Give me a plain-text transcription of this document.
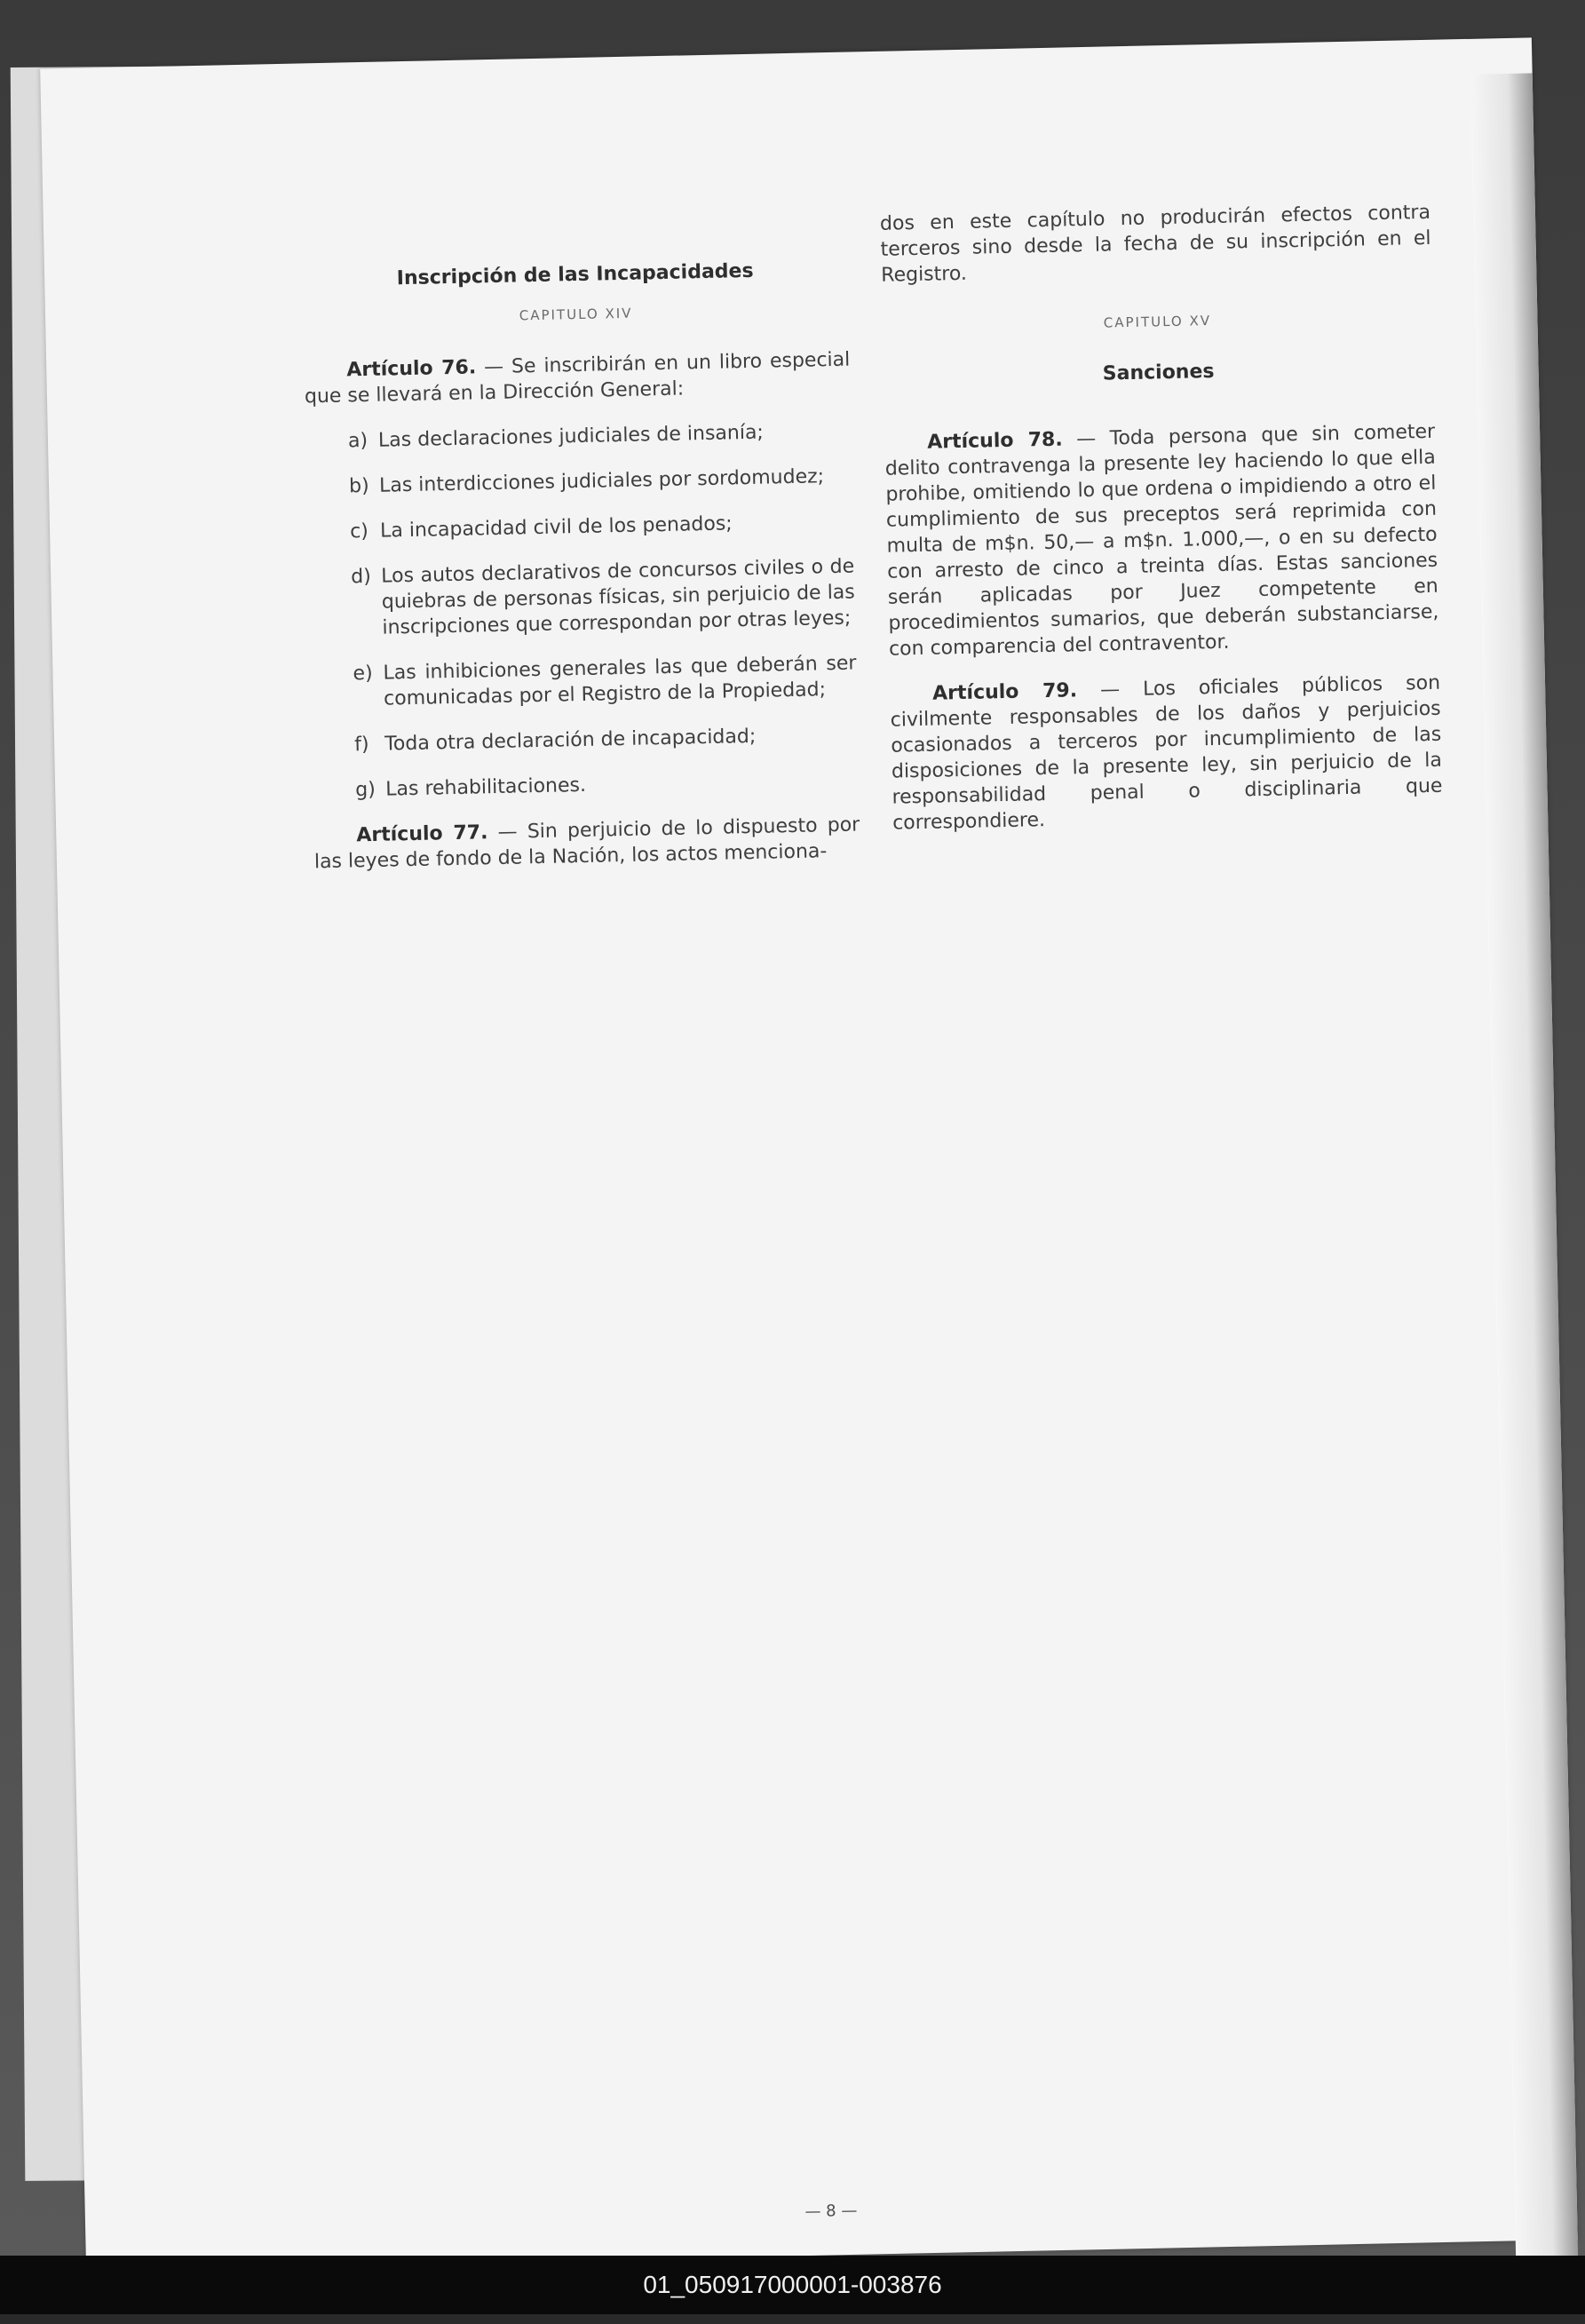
Inscripción de las Incapacidades
CAPITULO XIV

Artículo 76. — Se inscribirán en un libro especial que se llevará en la Dirección General:

a) Las declaraciones judiciales de insanía;
b) Las interdicciones judiciales por sordomudez;
c) La incapacidad civil de los penados;
d) Los autos declarativos de concursos civiles o de quiebras de personas físicas, sin perjuicio de las inscripciones que correspondan por otras leyes;
e) Las inhibiciones generales las que deberán ser comunicadas por el Registro de la Propiedad;
f) Toda otra declaración de incapacidad;
g) Las rehabilitaciones.

Artículo 77. — Sin perjuicio de lo dispuesto por las leyes de fondo de la Nación, los actos menciona-

dos en este capítulo no producirán efectos contra terceros sino desde la fecha de su inscripción en el Registro.

CAPITULO XV
Sanciones

Artículo 78. — Toda persona que sin cometer delito contravenga la presente ley haciendo lo que ella prohibe, omitiendo lo que ordena o impidiendo a otro el cumplimiento de sus preceptos será reprimida con multa de m$n. 50,— a m$n. 1.000,—, o en su defecto con arresto de cinco a treinta días. Estas sanciones serán aplicadas por Juez competente en procedimientos sumarios, que deberán substanciarse, con comparencia del contraventor.

Artículo 79. — Los oficiales públicos son civilmente responsables de los daños y perjuicios ocasionados a terceros por incumplimiento de las disposiciones de la presente ley, sin perjuicio de la responsabilidad penal o disciplinaria que correspondiere.

— 8 —
01_050917000001-003876
